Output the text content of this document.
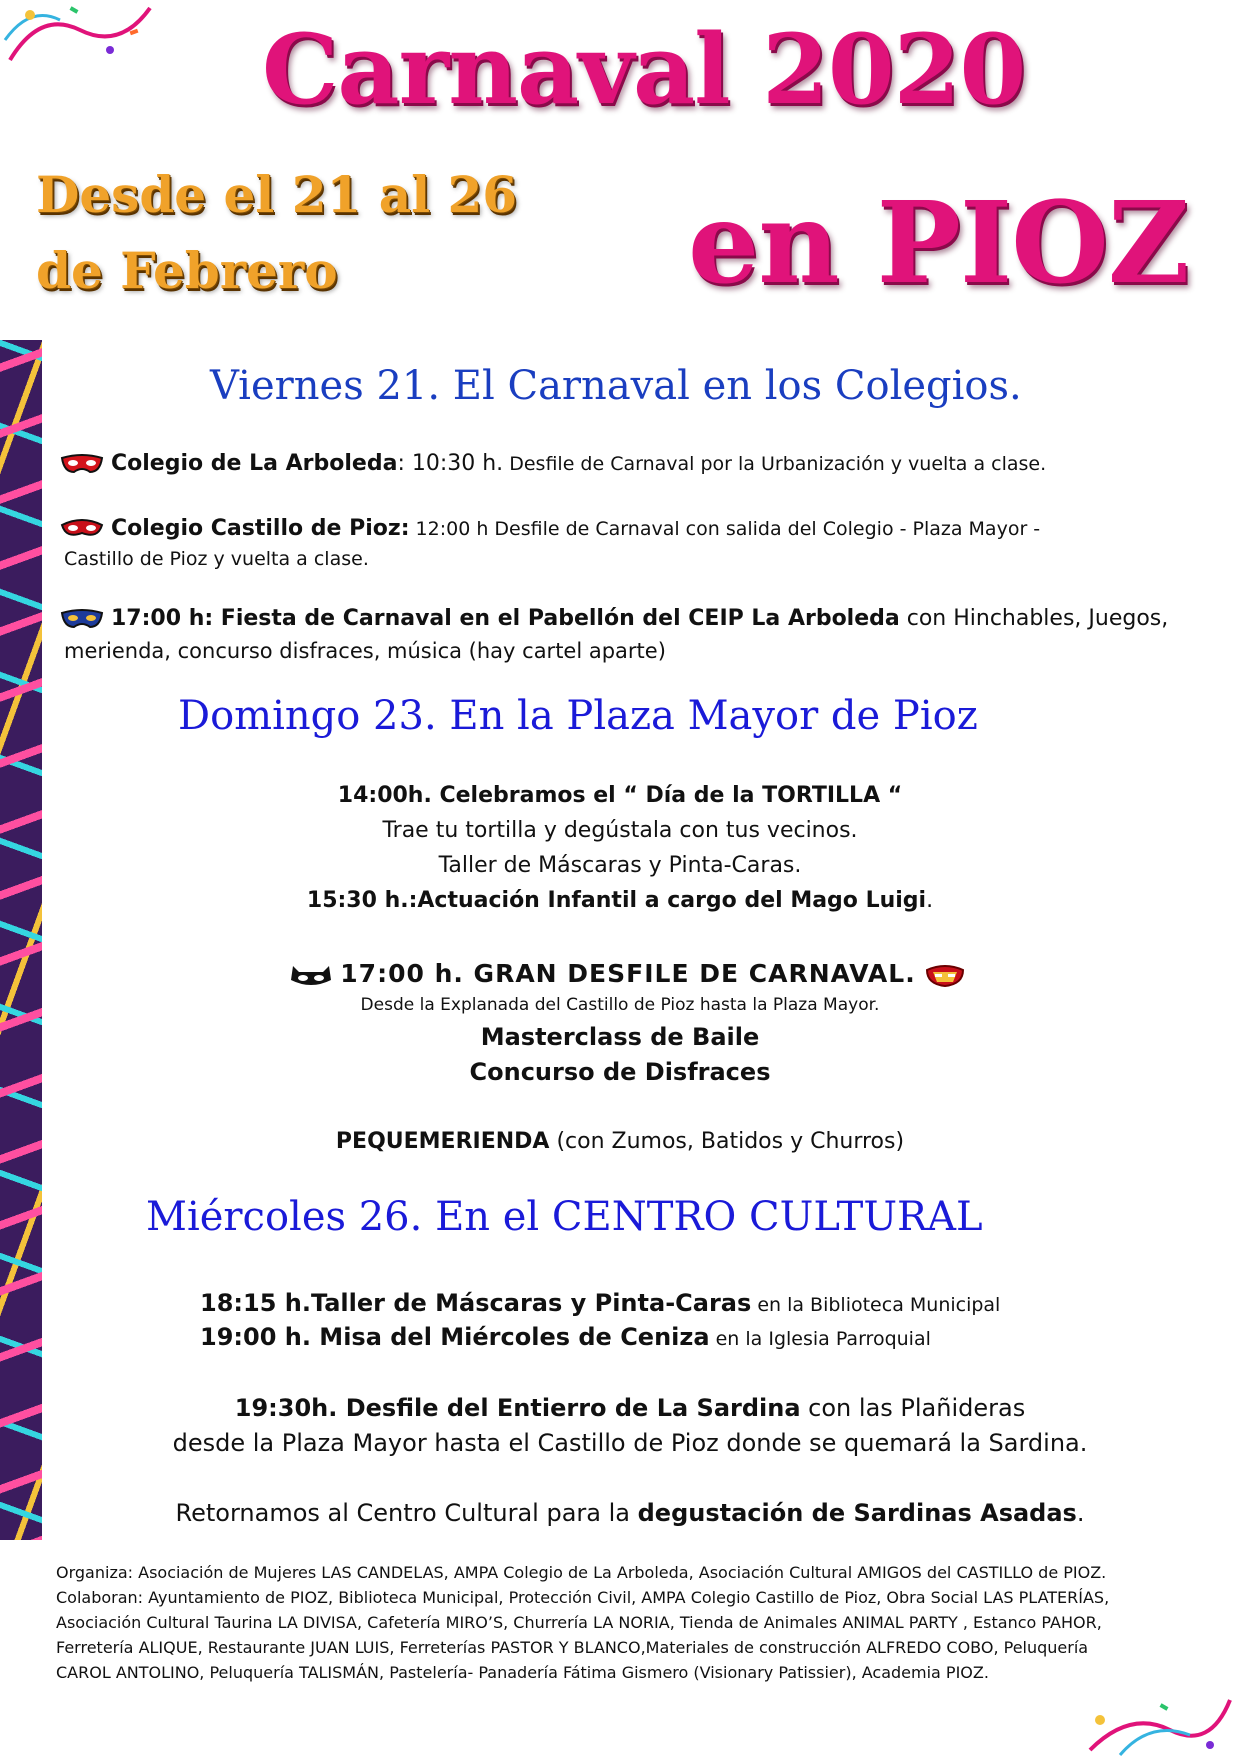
Carnaval 2020
en PIOZ
Desde el 21 al 26
de Febrero
Viernes 21. El Carnaval en los Colegios.
Colegio de La Arboleda: 10:30 h. Desfile de Carnaval por la Urbanización y vuelta a clase.
Colegio Castillo de Pioz: 12:00 h Desfile de Carnaval con salida del Colegio - Plaza Mayor -
Castillo de Pioz y vuelta a clase.
17:00 h: Fiesta de Carnaval en el Pabellón del CEIP La Arboleda con Hinchables, Juegos,
merienda, concurso disfraces, música (hay cartel aparte)
Domingo 23. En la Plaza Mayor de Pioz
14:00h. Celebramos el “ Día de la TORTILLA “
Trae tu tortilla y degústala con tus vecinos.
Taller de Máscaras y Pinta-Caras.
15:30 h.:Actuación Infantil a cargo del Mago Luigi.
17:00 h. GRAN DESFILE DE CARNAVAL.
Desde la Explanada del Castillo de Pioz hasta la Plaza Mayor.
Masterclass de Baile
Concurso de Disfraces
PEQUEMERIENDA (con Zumos, Batidos y Churros)
Miércoles 26. En el CENTRO CULTURAL
18:15 h.Taller de Máscaras y Pinta-Caras en la Biblioteca Municipal
19:00 h. Misa del Miércoles de Ceniza en la Iglesia Parroquial
19:30h. Desfile del Entierro de La Sardina con las Plañideras
desde la Plaza Mayor hasta el Castillo de Pioz donde se quemará la Sardina.
Retornamos al Centro Cultural para la degustación de Sardinas Asadas.
Organiza: Asociación de Mujeres LAS CANDELAS, AMPA Colegio de La Arboleda, Asociación Cultural AMIGOS del CASTILLO de PIOZ.
Colaboran: Ayuntamiento de PIOZ, Biblioteca Municipal, Protección Civil, AMPA Colegio Castillo de Pioz, Obra Social LAS PLATERÍAS,
Asociación Cultural Taurina LA DIVISA, Cafetería MIRO’S, Churrería LA NORIA, Tienda de Animales ANIMAL PARTY , Estanco PAHOR,
Ferretería ALIQUE, Restaurante JUAN LUIS, Ferreterías PASTOR Y BLANCO,Materiales de construcción ALFREDO COBO, Peluquería
CAROL ANTOLINO, Peluquería TALISMÁN, Pastelería- Panadería Fátima Gismero (Visionary Patissier), Academia PIOZ.
